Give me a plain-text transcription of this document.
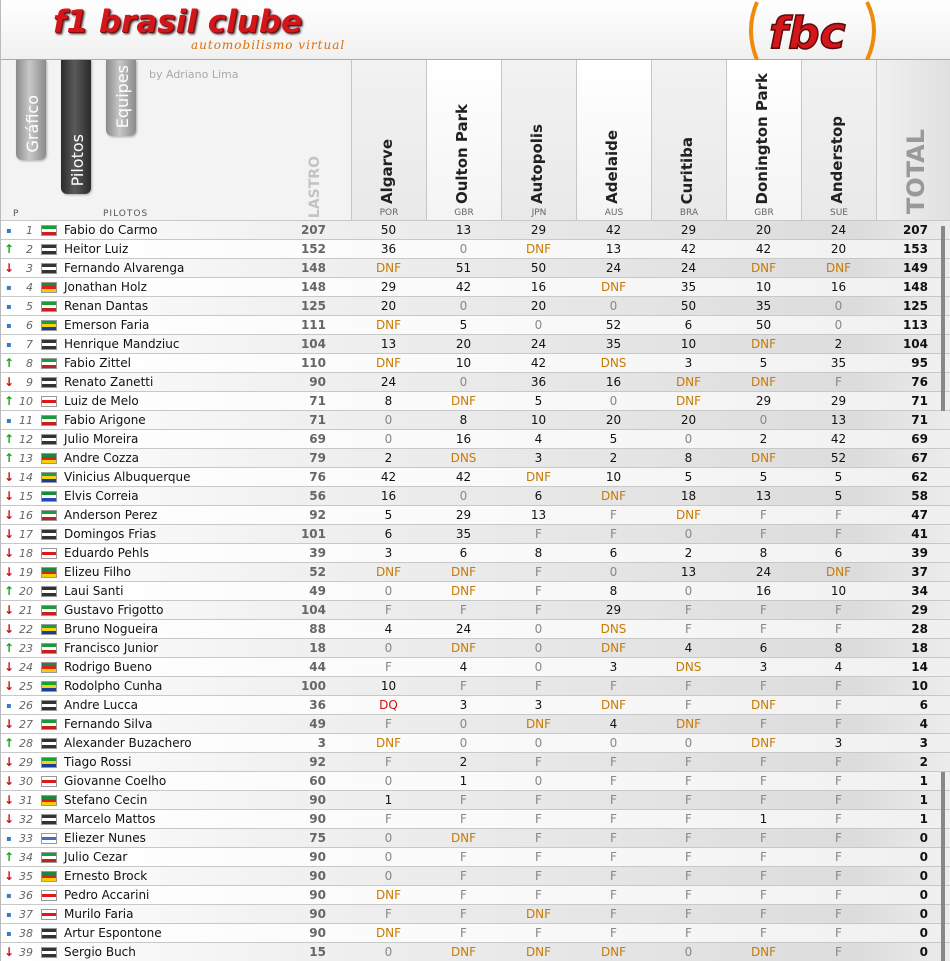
f1 brasil clube
automobilismo virtual	fbc
Gráfico
Pilotos
Equipes by Adriano Lima
P	PILOTOS	LASTRO	Algarve
POR
Oulton Park
GBR
Autopolis
JPN
Adelaide
AUS
Curitiba
BRA
Donington Park
GBR
Anderstop
SUE	TOTAL
▪	1	Fabio do Carmo	207	50	13	29	42	29	20	24	207
↑	2	Heitor Luiz	152	36	0	DNF	13	42	42	20	153
↓	3	Fernando Alvarenga	148	DNF	51	50	24	24	DNF	DNF	149
▪	4	Jonathan Holz	148	29	42	16	DNF	35	10	16	148
▪	5	Renan Dantas	125	20	0	20	0	50	35	0	125
▪	6	Emerson Faria	111	DNF	5	0	52	6	50	0	113
▪	7	Henrique Mandziuc	104	13	20	24	35	10	DNF	2	104
↑	8	Fabio Zittel	110	DNF	10	42	DNS	3	5	35	95
↓	9	Renato Zanetti	90	24	0	36	16	DNF	DNF	F	76
↑ 10	Luiz de Melo	71	8	DNF	5	0	DNF	29	29	71
▪ 11	Fabio Arigone	71	0	8	10	20	20	0	13	71
↑ 12	Julio Moreira	69	0	16	4	5	0	2	42	69
↑ 13	Andre Cozza	79	2	DNS	3	2	8	DNF	52	67
↓ 14	Vinicius Albuquerque	76	42	42	DNF	10	5	5	5	62
↓ 15	Elvis Correia	56	16	0	6	DNF	18	13	5	58
↓ 16	Anderson Perez	92	5	29	13	F	DNF	F	F	47
↓ 17	Domingos Frias	101	6	35	F	F	0	F	F	41
↓ 18	Eduardo Pehls	39	3	6	8	6	2	8	6	39
↓ 19	Elizeu Filho	52	DNF	DNF	F	0	13	24	DNF	37
↑ 20	Laui Santi	49	0	DNF	F	8	0	16	10	34
↓ 21	Gustavo Frigotto	104	F	F	F	29	F	F	F	29
↓ 22	Bruno Nogueira	88	4	24	0	DNS	F	F	F	28
↑ 23	Francisco Junior	18	0	DNF	0	DNF	4	6	8	18
↓ 24	Rodrigo Bueno	44	F	4	0	3	DNS	3	4	14
↓ 25	Rodolpho Cunha	100	10	F	F	F	F	F	F	10
▪ 26	Andre Lucca	36	DQ	3	3	DNF	F	DNF	F	6
↓ 27	Fernando Silva	49	F	0	DNF	4	DNF	F	F	4
↑ 28	Alexander Buzachero	3	DNF	0	0	0	0	DNF	3	3
↓ 29	Tiago Rossi	92	F	2	F	F	F	F	F	2
↓ 30	Giovanne Coelho	60	0	1	0	F	F	F	F	1
↓ 31	Stefano Cecin	90	1	F	F	F	F	F	F	1
↓ 32	Marcelo Mattos	90	F	F	F	F	F	1	F	1
▪ 33	Eliezer Nunes	75	0	DNF	F	F	F	F	F	0
↑ 34	Julio Cezar	90	0	F	F	F	F	F	F	0
↓ 35	Ernesto Brock	90	0	F	F	F	F	F	F	0
▪ 36	Pedro Accarini	90	DNF	F	F	F	F	F	F	0
▪ 37	Murilo Faria	90	F	F	DNF	F	F	F	F	0
▪ 38	Artur Espontone	90	DNF	F	F	F	F	F	F	0
↓ 39	Sergio Buch	15	0	DNF	DNF	DNF	0	DNF	F	0
